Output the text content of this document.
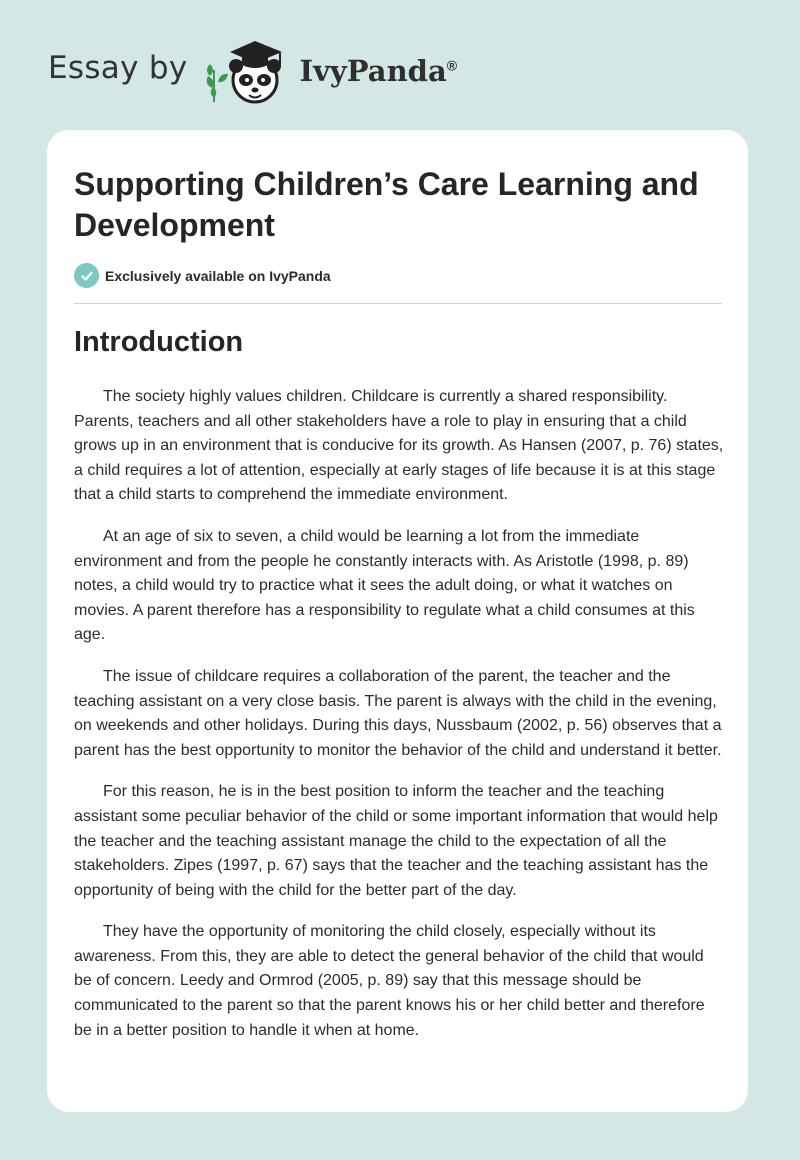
Essay by	IvyPanda®
Supporting Children’s Care Learning and Development
Exclusively available on IvyPanda
Introduction

The society highly values children. Childcare is currently a shared responsibility. Parents, teachers and all other stakeholders have a role to play in ensuring that a child grows up in an environment that is conducive for its growth. As Hansen (2007, p. 76) states, a child requires a lot of attention, especially at early stages of life because it is at this stage that a child starts to comprehend the immediate environment.

At an age of six to seven, a child would be learning a lot from the immediate environment and from the people he constantly interacts with. As Aristotle (1998, p. 89) notes, a child would try to practice what it sees the adult doing, or what it watches on movies. A parent therefore has a responsibility to regulate what a child consumes at this age.

The issue of childcare requires a collaboration of the parent, the teacher and the teaching assistant on a very close basis. The parent is always with the child in the evening, on weekends and other holidays. During this days, Nussbaum (2002, p. 56) observes that a parent has the best opportunity to monitor the behavior of the child and understand it better.

For this reason, he is in the best position to inform the teacher and the teaching assistant some peculiar behavior of the child or some important information that would help the teacher and the teaching assistant manage the child to the expectation of all the stakeholders. Zipes (1997, p. 67) says that the teacher and the teaching assistant has the opportunity of being with the child for the better part of the day.

They have the opportunity of monitoring the child closely, especially without its awareness. From this, they are able to detect the general behavior of the child that would be of concern. Leedy and Ormrod (2005, p. 89) say that this message should be communicated to the parent so that the parent knows his or her child better and therefore be in a better position to handle it when at home.
